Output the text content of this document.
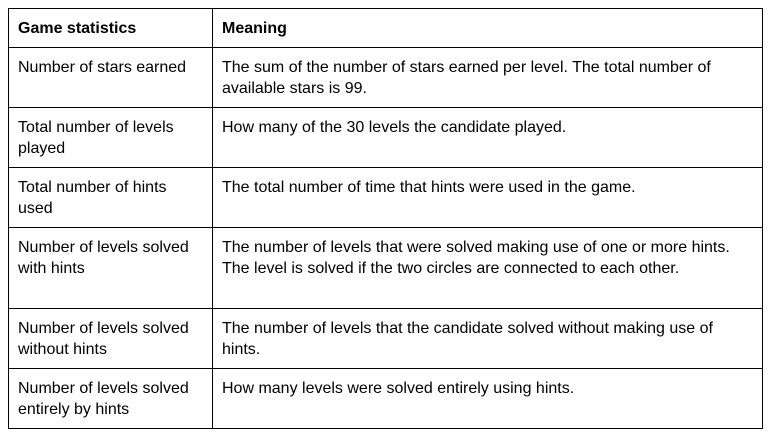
Game statistics	Meaning
Number of stars earned	The sum of the number of stars earned per level. The total number of available stars is 99.
Total number of levels played	How many of the 30 levels the candidate played.
Total number of hints used	The total number of time that hints were used in the game.
Number of levels solved with hints	The number of levels that were solved making use of one or more hints. The level is solved if the two circles are connected to each other.
Number of levels solved without hints	The number of levels that the candidate solved without making use of hints.
Number of levels solved entirely by hints	How many levels were solved entirely using hints.
